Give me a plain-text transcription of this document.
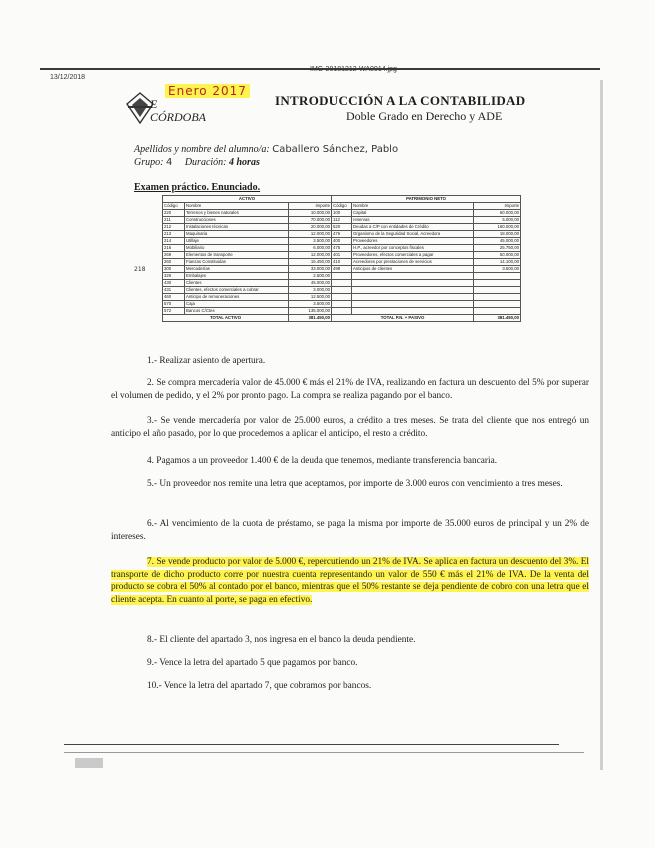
13/12/2018
IMG-20181212-WA0014.jpg
Enero 2017
E
CÓRDOBA
INTRODUCCIÓN A LA CONTABILIDAD
Doble Grado en Derecho y ADE
Apellidos y nombre del alumno/a: Caballero Sánchez, Pablo
Grupo: 4 Duración: 4 horas
Examen práctico. Enunciado.
218
ACTIVO			PATRIMONIO NETO		
Código	Nombre	Importe	Código	Nombre	Importe
220	Terrenos y bienes naturales	10.000,00	100	Capital	60.000,00
211	Construcciones	70.000,00	112	reservas	5.000,00
212	Instalaciones técnicas	20.000,00	520	Deudas a C/P con entidades de Crédito	160.000,00
213	Maquinaria	12.000,00	476	Organismo de la Seguridad Social, Acreedora	18.000,00
214	Utillaje	3.500,00	400	Proveedores	45.000,00
216	Mobiliario	6.000,00	475	H.P., acreedor por conceptos fiscales	25.750,00
269	Elementos de transporte	12.000,00	401	Proveedores, efectos comerciales a pagar	50.000,00
260	Fianzas Constituidas	15.450,00	410	Acreedores por prestaciones de servicios	14.100,00
300	Mercaderías	33.000,00	498	Anticipos de clientes	3.600,00
326	Embalajes	2.500,00			
430	Clientes	45.000,00			
431	Clientes, efectos comerciales a cobrar	3.000,00			
460	Anticipo de remuneraciones	12.500,00			
570	Caja	3.500,00			
572	Bancos C/Ctes	135.000,00			
TOTAL ACTIVO		381.450,00	TOTAL P.N. + PASIVO		381.450,00
1.- Realizar asiento de apertura.
2. Se compra mercadería valor de 45.000 € más el 21% de IVA, realizando en factura un descuento del 5% por superar el volumen de pedido, y el 2% por pronto pago. La compra se realiza pagando por el banco.
3.- Se vende mercadería por valor de 25.000 euros, a crédito a tres meses. Se trata del cliente que nos entregó un anticipo el año pasado, por lo que procedemos a aplicar el anticipo, el resto a crédito.
4. Pagamos a un proveedor 1.400 € de la deuda que tenemos, mediante transferencia bancaria.
5.- Un proveedor nos remite una letra que aceptamos, por importe de 3.000 euros con vencimiento a tres meses.
6.- Al vencimiento de la cuota de préstamo, se paga la misma por importe de 35.000 euros de principal y un 2% de intereses.
7. Se vende producto por valor de 5.000 €, repercutiendo un 21% de IVA. Se aplica en factura un descuento del 3%. El transporte de dicho producto corre por nuestra cuenta representando un valor de 550 € más el 21% de IVA. De la venta del producto se cobra el 50% al contado por el banco, mientras que el 50% restante se deja pendiente de cobro con una letra que el cliente acepta. En cuanto al porte, se paga en efectivo.
8.- El cliente del apartado 3, nos ingresa en el banco la deuda pendiente.
9.- Vence la letra del apartado 5 que pagamos por banco.
10.- Vence la letra del apartado 7, que cobramos por bancos.
